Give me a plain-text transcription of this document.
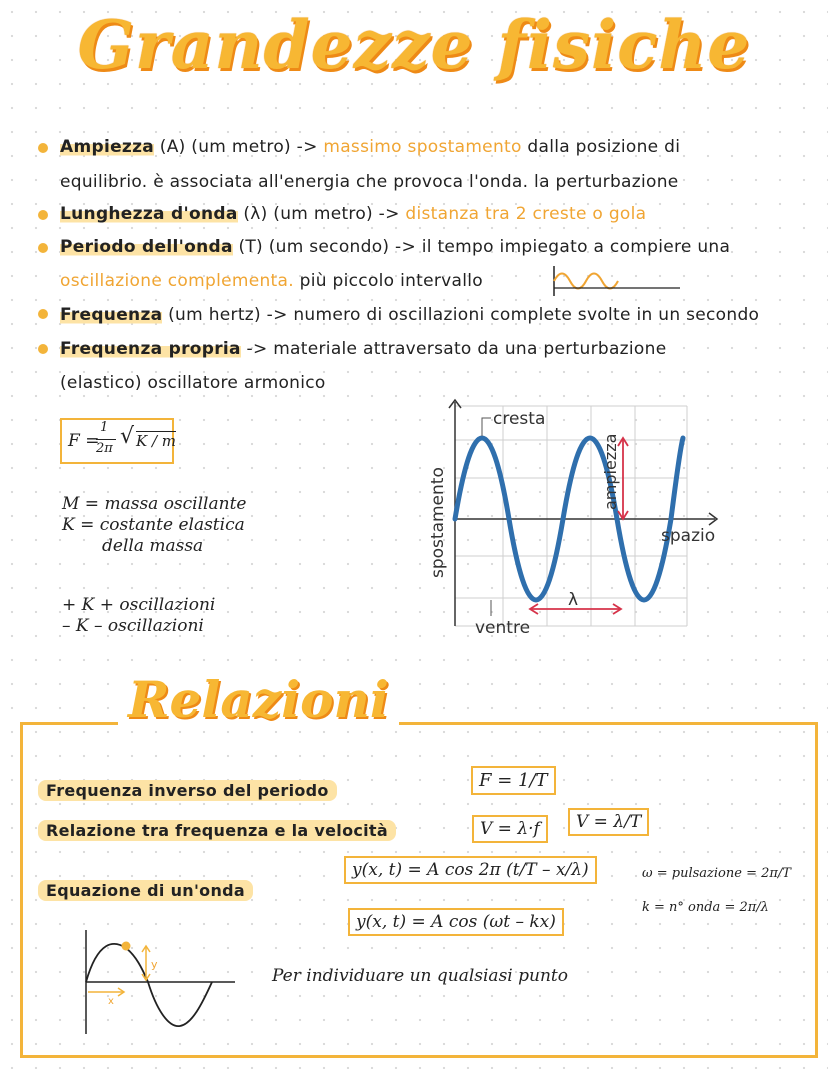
Grandezze fisiche
Ampiezza (A) (um metro) -> massimo spostamento dalla posizione di
equilibrio. è associata all'energia che provoca l'onda. la perturbazione
Lunghezza d'onda (λ) (um metro) -> distanza tra 2 creste o gola
Periodo dell'onda (T) (um secondo) -> il tempo impiegato a compiere una
oscillazione complementa. più piccolo intervallo
Frequenza (um hertz) -> numero di oscillazioni complete svolte in un secondo
Frequenza propria -> materiale attraversato da una perturbazione
(elastico) oscillatore armonico
F =
1
2π √ K / m
M = massa oscillante
K = costante elastica
della massa
+ K + oscillazioni
– K – oscillazioni
cresta
ventre
λ
ampiezza
spostamento	spazio
Relazioni
Frequenza inverso del periodo	F = 1/T
Relazione tra frequenza e la velocità	V = λ·f	V = λ/T
Equazione di un'onda
y(x, t) = A cos 2π (t/T – x/λ)
y(x, t) = A cos (ωt – kx)
ω = pulsazione = 2π/T
k = n° onda = 2π/λ
y
x
Per individuare un qualsiasi punto
